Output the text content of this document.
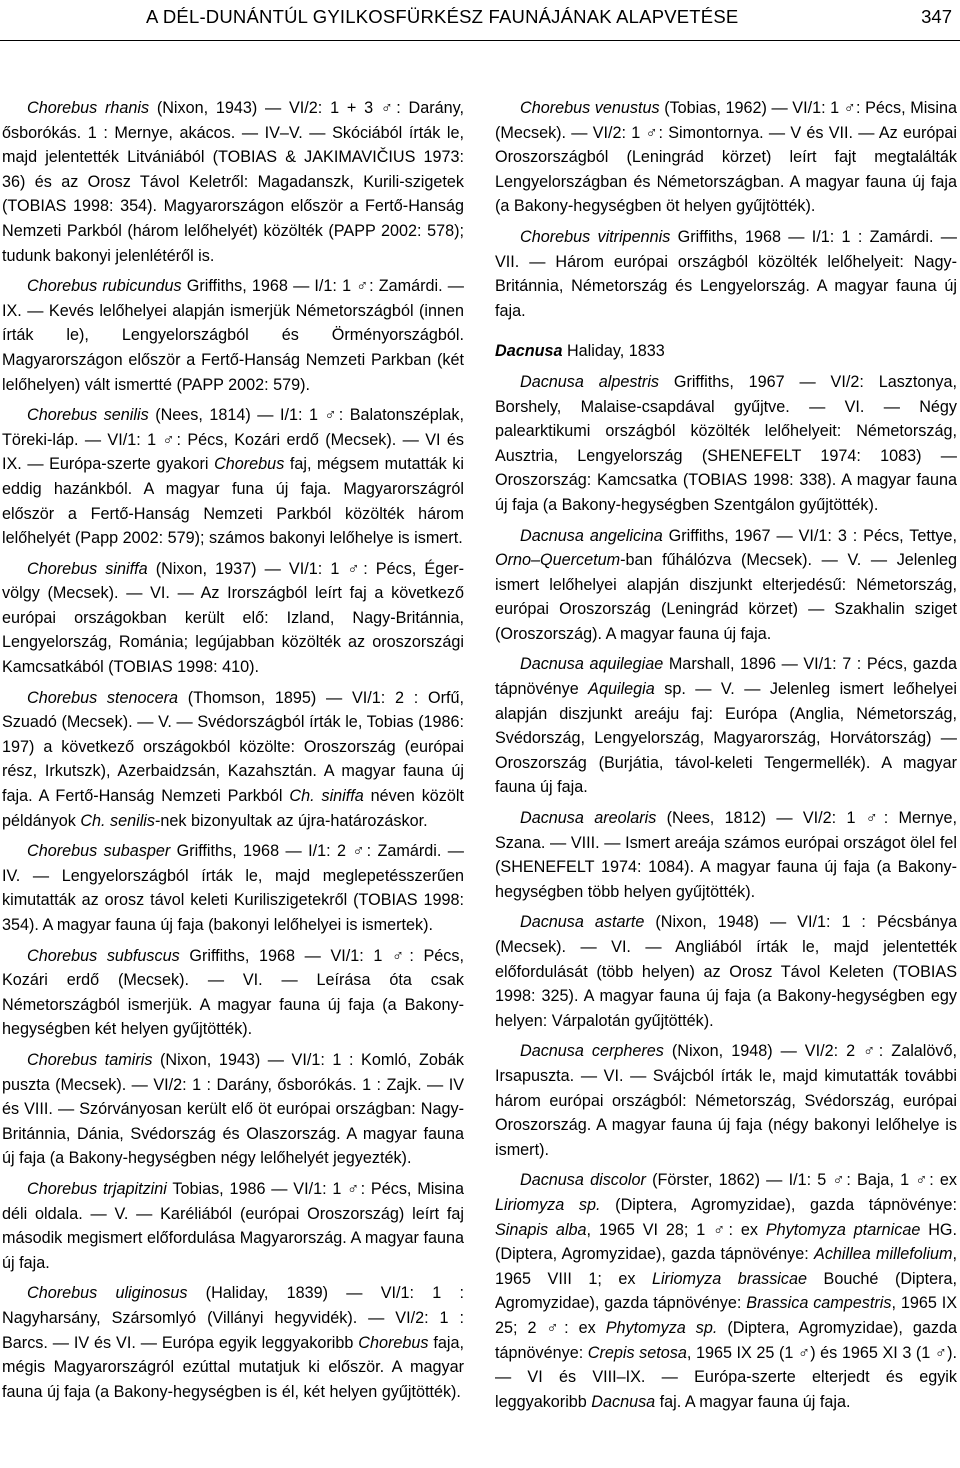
A DÉL-DUNÁNTÚL GYILKOSFÜRKÉSZ FAUNÁJÁNAK ALAPVETÉSE	347

Chorebus rhanis (Nixon, 1943) — VI/2: 1 + 3 ♂: Darány, ősborókás. 1 : Mernye, akácos. — IV–V. — Skóciából írták le, majd jelentették Litvániából (TOBIAS & JAKIMAVIČIUS 1973: 36) és az Orosz Távol Keletről: Magadanszk, Kurili-szigetek (TOBIAS 1998: 354). Magyarországon először a Fertő-Hanság Nemzeti Parkból (három lelőhelyét) közölték (PAPP 2002: 578); tudunk bakonyi jelenlétéről is.

Chorebus rubicundus Griffiths, 1968 — I/1: 1 ♂: Zamárdi. — IX. — Kevés lelőhelyei alapján ismerjük Németországból (innen írták le), Lengyelországból és Örményországból. Magyarországon először a Fertő-Hanság Nemzeti Parkban (két lelőhelyen) vált ismertté (PAPP 2002: 579).

Chorebus senilis (Nees, 1814) — I/1: 1 ♂: Balatonszéplak, Töreki-láp. — VI/1: 1 ♂: Pécs, Kozári erdő (Mecsek). — VI és IX. — Európa-szerte gyakori Chorebus faj, mégsem mutatták ki eddig hazánkból. A magyar funa új faja. Magyarországról először a Fertő-Hanság Nemzeti Parkból közölték három lelőhelyét (Papp 2002: 579); számos bakonyi lelőhelye is ismert.

Chorebus siniffa (Nixon, 1937) — VI/1: 1 ♂: Pécs, Éger-völgy (Mecsek). — VI. — Az Irországból leírt faj a következő európai országokban került elő: Izland, Nagy-Británnia, Lengyelország, Románia; legújabban közölték az oroszországi Kamcsatkából (TOBIAS 1998: 410).

Chorebus stenocera (Thomson, 1895) — VI/1: 2 : Orfű, Szuadó (Mecsek). — V. — Svédországból írták le, Tobias (1986: 197) a következő országokból közölte: Oroszország (európai rész, Irkutszk), Azerbaidzsán, Kazahsztán. A magyar fauna új faja. A Fertő-Hanság Nemzeti Parkból Ch. siniffa néven közölt példányok Ch. senilis-nek bizonyultak az újra-határozáskor.

Chorebus subasper Griffiths, 1968 — I/1: 2 ♂: Zamárdi. — IV. — Lengyelországból írták le, majd meglepetésszerűen kimutatták az orosz távol keleti Kuriliszigetekről (TOBIAS 1998: 354). A magyar fauna új faja (bakonyi lelőhelyei is ismertek).

Chorebus subfuscus Griffiths, 1968 — VI/1: 1 ♂: Pécs, Kozári erdő (Mecsek). — VI. — Leírása óta csak Németországból ismerjük. A magyar fauna új faja (a Bakony-hegységben két helyen gyűjtötték).

Chorebus tamiris (Nixon, 1943) — VI/1: 1 : Komló, Zobák puszta (Mecsek). — VI/2: 1 : Darány, ősborókás. 1 : Zajk. — IV és VIII. — Szórványosan került elő öt európai országban: Nagy-Británnia, Dánia, Svédország és Olaszország. A magyar fauna új faja (a Bakony-hegységben négy lelőhelyét jegyezték).

Chorebus trjapitzini Tobias, 1986 — VI/1: 1 ♂: Pécs, Misina déli oldala. — V. — Karéliából (európai Oroszország) leírt faj második megismert előfordulása Magyarország. A magyar fauna új faja.

Chorebus uliginosus (Haliday, 1839) — VI/1: 1 : Nagyharsány, Szársomlyó (Villányi hegyvidék). — VI/2: 1 : Barcs. — IV és VI. — Európa egyik leggyakoribb Chorebus faja, mégis Magyarországról ezúttal mutatjuk ki először. A magyar fauna új faja (a Bakony-hegységben is él, két helyen gyűjtötték).

Chorebus venustus (Tobias, 1962) — VI/1: 1 ♂: Pécs, Misina (Mecsek). — VI/2: 1 ♂: Simontornya. — V és VII. — Az európai Oroszországból (Leningrád körzet) leírt fajt megtalálták Lengyelországban és Németországban. A magyar fauna új faja (a Bakony-hegységben öt helyen gyűjtötték).

Chorebus vitripennis Griffiths, 1968 — I/1: 1 : Zamárdi. — VII. — Három európai országból közölték lelőhelyeit: Nagy-Británnia, Németország és Lengyelország. A magyar fauna új faja.

Dacnusa Haliday, 1833

Dacnusa alpestris Griffiths, 1967 — VI/2: Lasztonya, Borshely, Malaise-csapdával gyűjtve. — VI. — Négy palearktikumi országból közölték lelőhelyeit: Németország, Ausztria, Lengyelország (SHENEFELT 1974: 1083) — Oroszország: Kamcsatka (TOBIAS 1998: 338). A magyar fauna új faja (a Bakony-hegységben Szentgálon gyűjtötték).

Dacnusa angelicina Griffiths, 1967 — VI/1: 3 : Pécs, Tettye, Orno–Quercetum-ban fűhálózva (Mecsek). — V. — Jelenleg ismert lelőhelyei alapján diszjunkt elterjedésű: Németország, európai Oroszország (Leningrád körzet) — Szakhalin sziget (Oroszország). A magyar fauna új faja.

Dacnusa aquilegiae Marshall, 1896 — VI/1: 7 : Pécs, gazda tápnövénye Aquilegia sp. — V. — Jelenleg ismert leőhelyei alapján diszjunkt areáju faj: Európa (Anglia, Németország, Svédország, Lengyelország, Magyarország, Horvátország) — Oroszország (Burjátia, távol-keleti Tengermellék). A magyar fauna új faja.

Dacnusa areolaris (Nees, 1812) — VI/2: 1 ♂: Mernye, Szana. — VIII. — Ismert areája számos európai országot ölel fel (SHENEFELT 1974: 1084). A magyar fauna új faja (a Bakony-hegységben több helyen gyűjtötték).

Dacnusa astarte (Nixon, 1948) — VI/1: 1 : Pécsbánya (Mecsek). — VI. — Angliából írták le, majd jelentették előfordulását (több helyen) az Orosz Távol Keleten (TOBIAS 1998: 325). A magyar fauna új faja (a Bakony-hegységben egy helyen: Várpalotán gyűjtötték).

Dacnusa cerpheres (Nixon, 1948) — VI/2: 2 ♂: Zalalövő, Irsapuszta. — VI. — Svájcból írták le, majd kimutatták további három európai országból: Németország, Svédország, európai Oroszország. A magyar fauna új faja (négy bakonyi lelőhelye is ismert).

Dacnusa discolor (Förster, 1862) — I/1: 5 ♂: Baja, 1 ♂: ex Liriomyza sp. (Diptera, Agromyzidae), gazda tápnövénye: Sinapis alba, 1965 VI 28; 1 ♂: ex Phytomyza ptarnicae HG. (Diptera, Agromyzidae), gazda tápnövénye: Achillea millefolium, 1965 VIII 1; ex Liriomyza brassicae Bouché (Diptera, Agromyzidae), gazda tápnövénye: Brassica campestris, 1965 IX 25; 2 ♂: ex Phytomyza sp. (Diptera, Agromyzidae), gazda tápnövénye: Crepis setosa, 1965 IX 25 (1 ♂) és 1965 XI 3 (1 ♂). — VI és VIII–IX. — Európa-szerte elterjedt és egyik leggyakoribb Dacnusa faj. A magyar fauna új faja.
